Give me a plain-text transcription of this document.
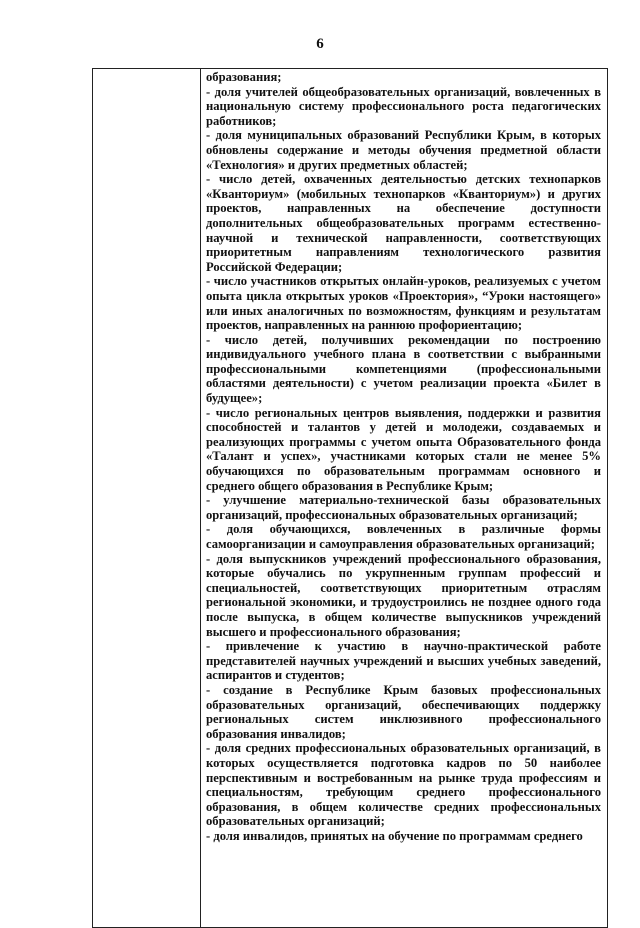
6

образования;

- доля учителей общеобразовательных организаций, вовлеченных в национальную систему профессионального роста педагогических работников;

- доля муниципальных образований Республики Крым, в которых обновлены содержание и методы обучения предметной области «Технология» и других предметных областей;

- число детей, охваченных деятельностью детских технопарков «Кванториум» (мобильных технопарков «Кванториум») и других проектов, направленных на обеспечение доступности дополнительных общеобразовательных программ естественно-научной и технической направленности, соответствующих приоритетным направлениям технологического развития Российской Федерации;

- число участников открытых онлайн-уроков, реализуемых с учетом опыта цикла открытых уроков «Проектория», “Уроки настоящего» или иных аналогичных по возможностям, функциям и результатам проектов, направленных на раннюю профориентацию;

- число детей, получивших рекомендации по построению индивидуального учебного плана в соответствии с выбранными профессиональными компетенциями (профессиональными областями деятельности) с учетом реализации проекта «Билет в будущее»;

- число региональных центров выявления, поддержки и развития способностей и талантов у детей и молодежи, создаваемых и реализующих программы с учетом опыта Образовательного фонда «Талант и успех», участниками которых стали не менее 5% обучающихся по образовательным программам основного и среднего общего образования в Республике Крым;

- улучшение материально-технической базы образовательных организаций, профессиональных образовательных организаций;

- доля обучающихся, вовлеченных в различные формы самоорганизации и самоуправления образовательных организаций;

- доля выпускников учреждений профессионального образования, которые обучались по укрупненным группам профессий и специальностей, соответствующих приоритетным отраслям региональной экономики, и трудоустроились не позднее одного года после выпуска, в общем количестве выпускников учреждений высшего и профессионального образования;

- привлечение к участию в научно-практической работе представителей научных учреждений и высших учебных заведений, аспирантов и студентов;

- создание в Республике Крым базовых профессиональных образовательных организаций, обеспечивающих поддержку региональных систем инклюзивного профессионального образования инвалидов;

- доля средних профессиональных образовательных организаций, в которых осуществляется подготовка кадров по 50 наиболее перспективным и востребованным на рынке труда профессиям и специальностям, требующим среднего профессионального образования, в общем количестве средних профессиональных образовательных организаций;

- доля инвалидов, принятых на обучение по программам среднего
